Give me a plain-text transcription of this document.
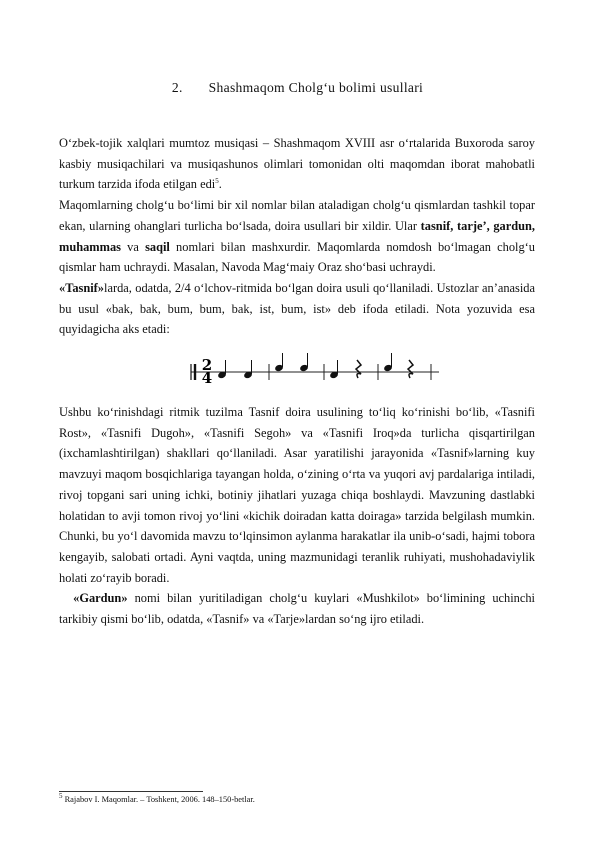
2. Shashmaqom Cholg‘u bolimi usullari

O‘zbek-tojik xalqlari mumtoz musiqasi – Shashmaqom XVIII asr o‘rtalarida Buxoroda saroy kasbiy musiqachilari va musiqashunos olimlari tomonidan olti maqomdan iborat mahobatli turkum tarzida ifoda etilgan edi$^5$.

Maqomlarning cholg‘u bo‘limi bir xil nomlar bilan ataladigan cholg‘u qismlardan tashkil topar ekan, ularning ohanglari turlicha bo‘lsada, doira usullari bir xildir. Ular tasnif, tarje’, gardun, muhammas va saqil nomlari bilan mashxurdir. Maqomlarda nomdosh bo‘lmagan cholg‘u qismlar ham uchraydi. Masalan, Navoda Mag‘maiy Oraz sho‘basi uchraydi.

«Tasnif»larda, odatda, 2/4 o‘lchov-ritmida bo‘lgan doira usuli qo‘llaniladi. Ustozlar an’anasida bu usul «bak, bak, bum, bum, bak, ist, bum, ist» deb ifoda etiladi. Nota yozuvida esa quyidagicha aks etadi:

2
4

Ushbu ko‘rinishdagi ritmik tuzilma Tasnif doira usulining to‘liq ko‘rinishi bo‘lib, «Tasnifi Rost», «Tasnifi Dugoh», «Tasnifi Segoh» va «Tasnifi Iroq»da turlicha qisqartirilgan (ixchamlashtirilgan) shakllari qo‘llaniladi. Asar yaratilishi jarayonida «Tasnif»larning kuy mavzuyi maqom bosqichlariga tayangan holda, o‘zining o‘rta va yuqori avj pardalariga intiladi, rivoj topgani sari uning ichki, botiniy jihatlari yuzaga chiqa boshlaydi. Mavzuning dastlabki holatidan to avji tomon rivoj yo‘lini «kichik doiradan katta doiraga» tarzida belgilash mumkin. Chunki, bu yo‘l davomida mavzu to‘lqinsimon aylanma harakatlar ila unib-o‘sadi, hajmi tobora kengayib, salobati ortadi. Ayni vaqtda, uning mazmunidagi teranlik ruhiyati, mushohadaviylik holati zo‘rayib boradi.

«Gardun» nomi bilan yuritiladigan cholg‘u kuylari «Mushkilot» bo‘limining uchinchi tarkibiy qismi bo‘lib, odatda, «Tasnif» va «Tarje»lardan so‘ng ijro etiladi.

$^5$ Rajabov I. Maqomlar. – Toshkent, 2006. 148–150-betlar.
